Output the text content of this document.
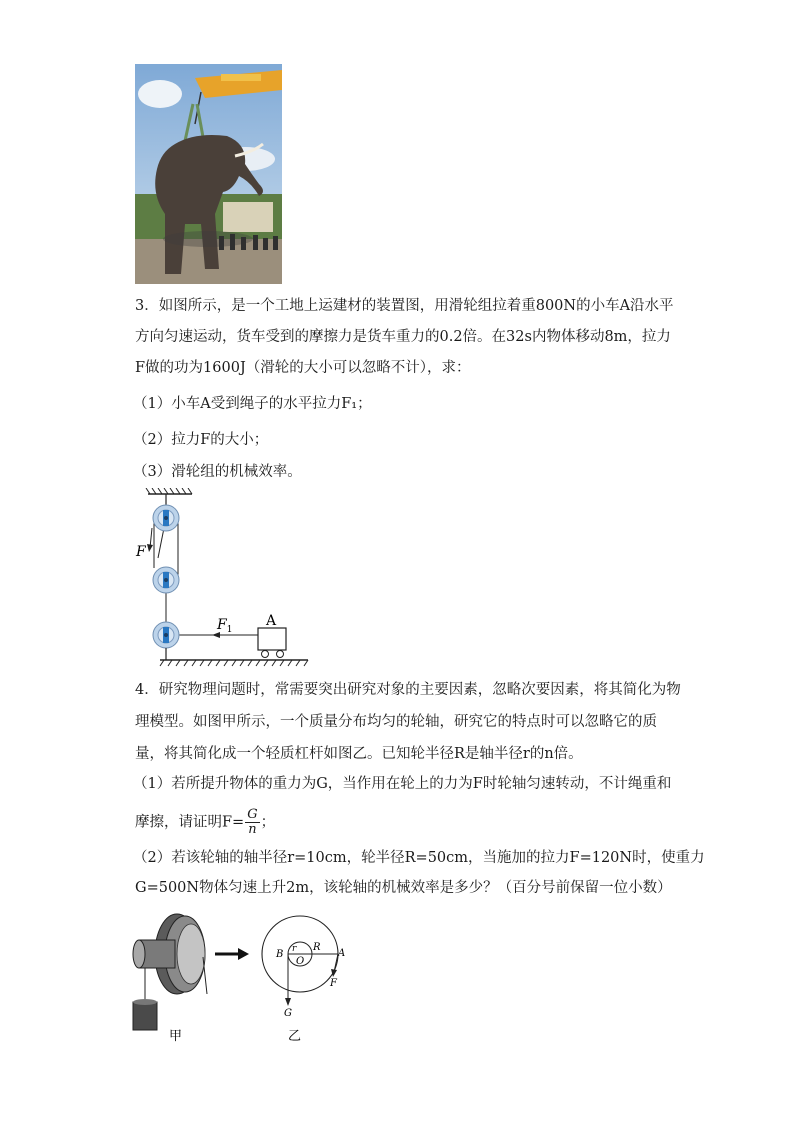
3．如图所示，是一个工地上运建材的装置图，用滑轮组拉着重800N的小车A沿水平
方向匀速运动，货车受到的摩擦力是货车重力的0.2倍。在32s内物体移动8m，拉力
F做的功为1600J（滑轮的大小可以忽略不计），求：
（1）小车A受到绳子的水平拉力F₁；
（2）拉力F的大小；
（3）滑轮组的机械效率。
F
$F_1$
A
4．研究物理问题时，常需要突出研究对象的主要因素，忽略次要因素，将其简化为物
理模型。如图甲所示，一个质量分布均匀的轮轴，研究它的特点时可以忽略它的质
量，将其简化成一个轻质杠杆如图乙。已知轮半径R是轴半径r的n倍。
（1）若所提升物体的重力为G，当作用在轮上的力为F时轮轴匀速转动，不计绳重和
摩擦，请证明$F= \frac{G}{n}$ ；
（2）若该轮轴的轴半径r=10cm，轮半径R=50cm，当施加的拉力F=120N时，使重力
G=500N物体匀速上升2m，该轮轴的机械效率是多少？（百分号前保留一位小数）
甲
B r R
O
A
F
G
乙
